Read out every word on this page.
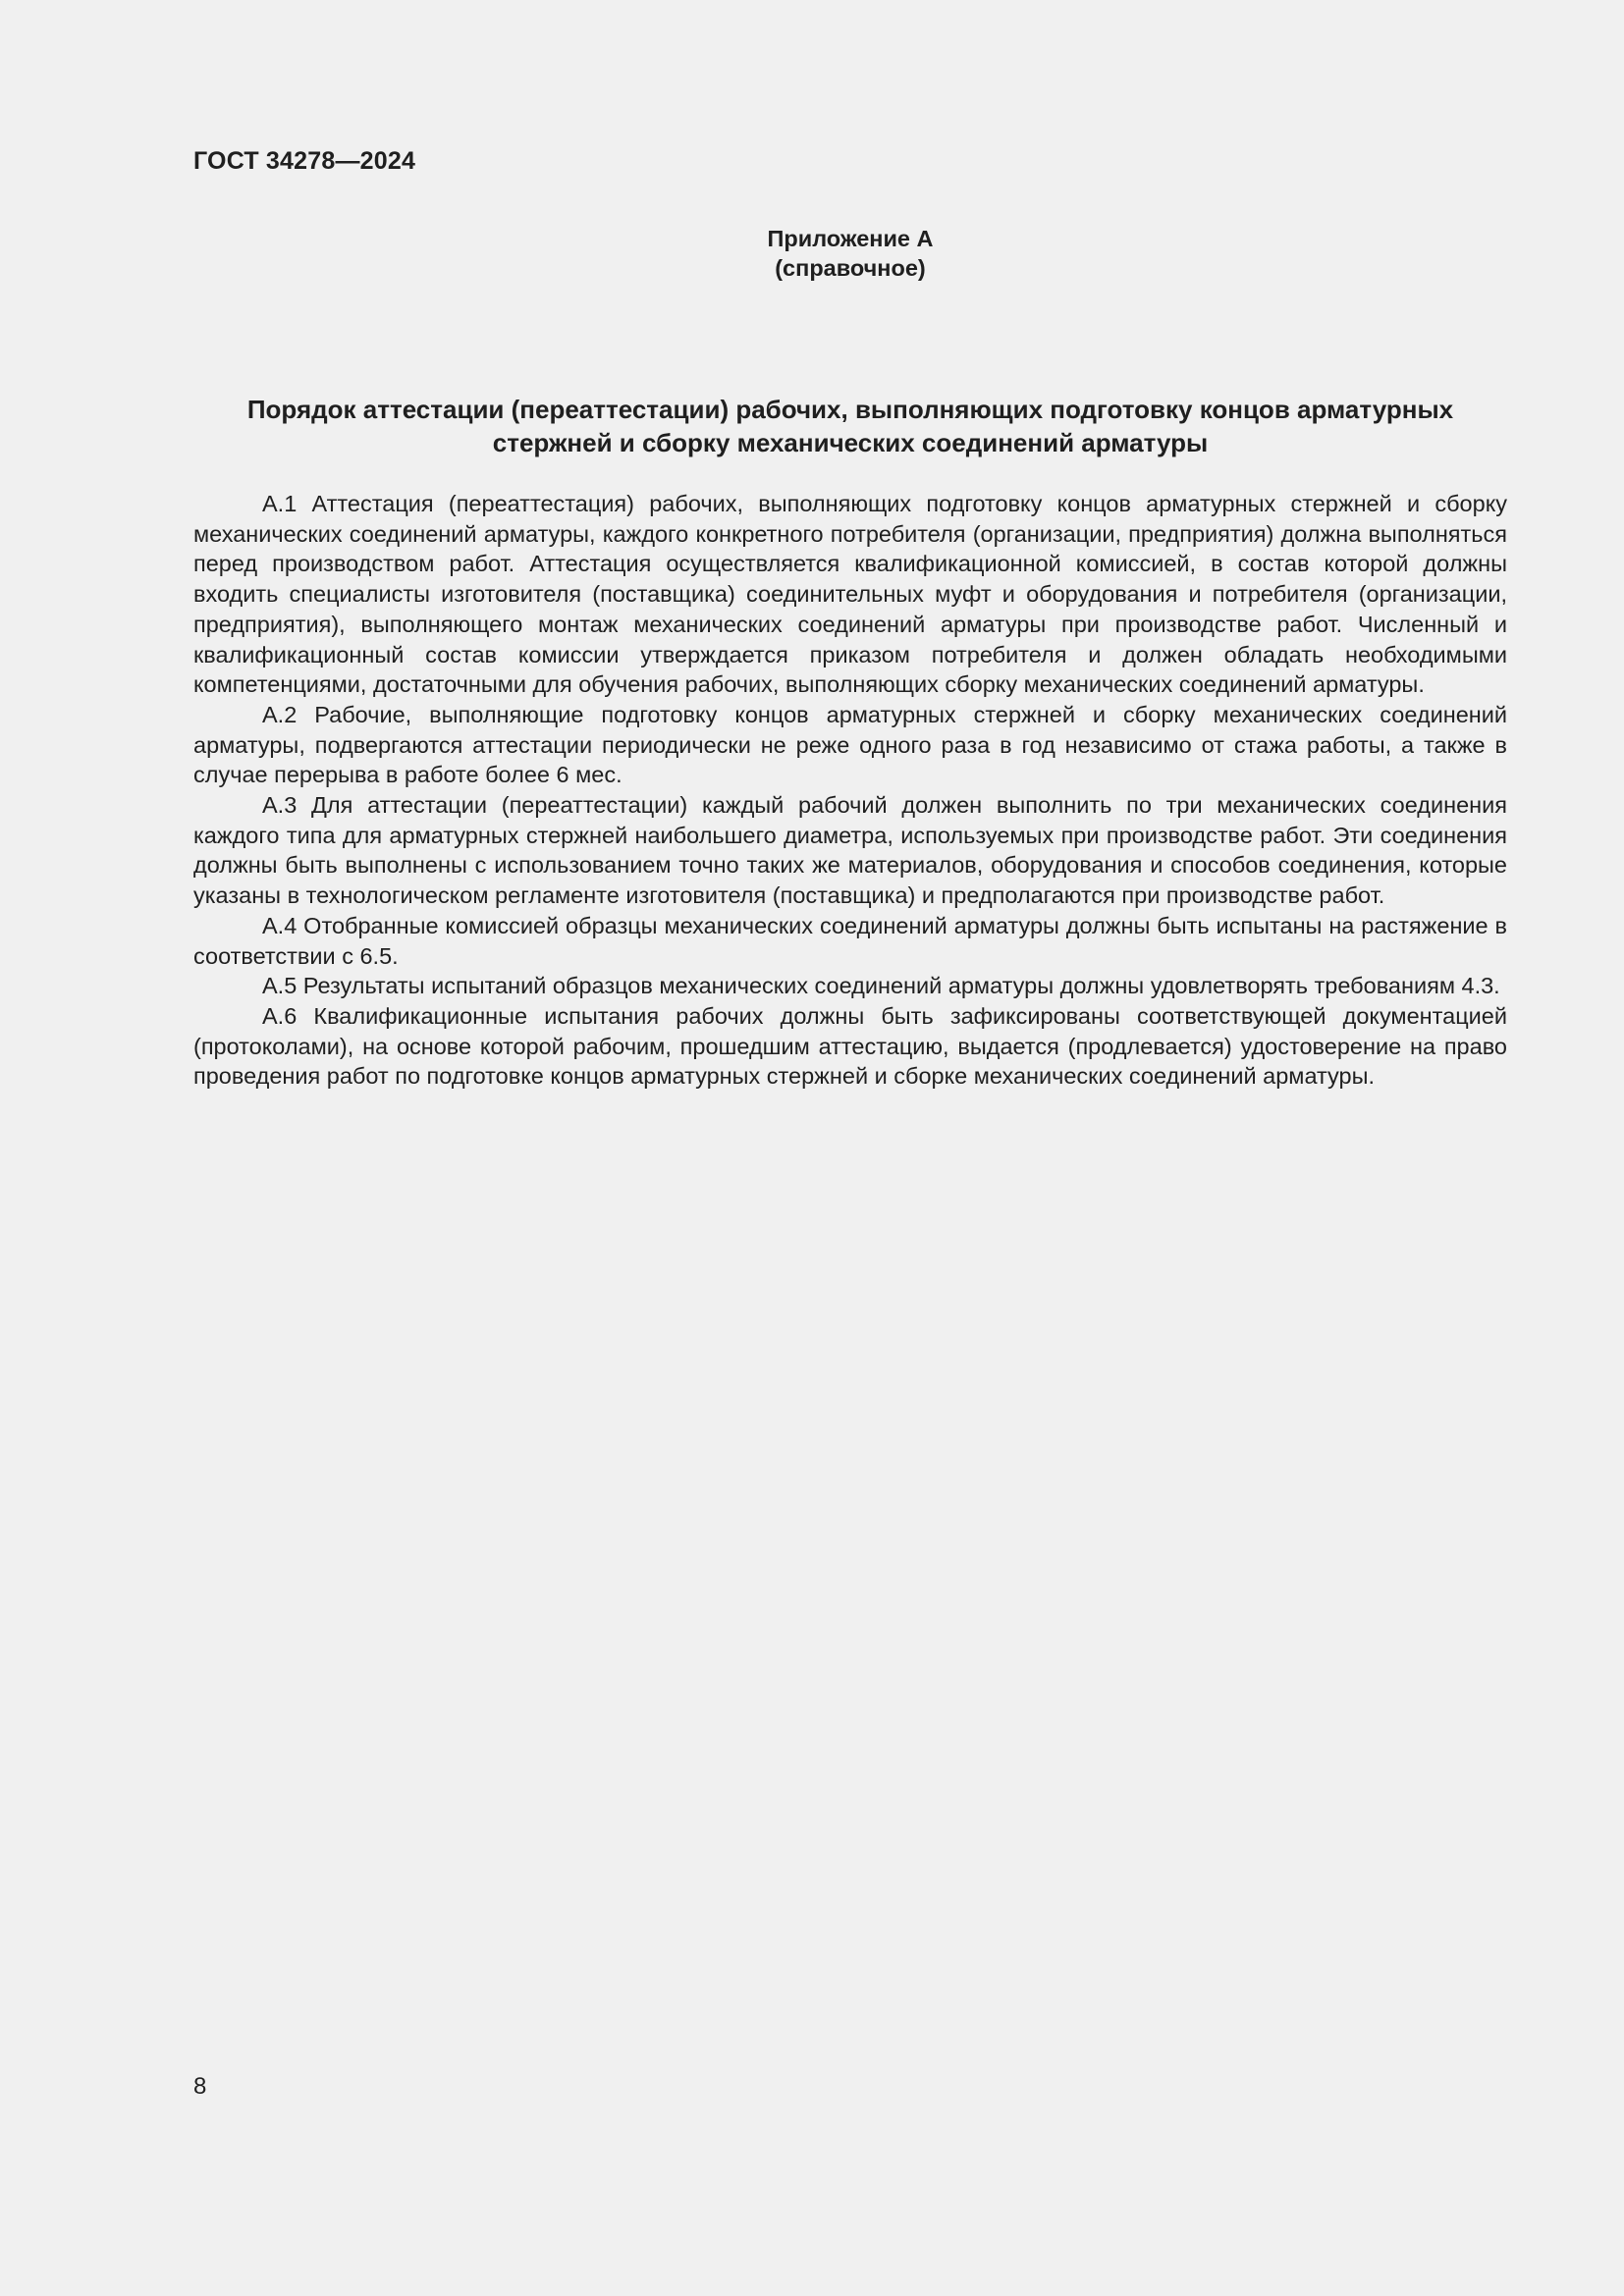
ГОСТ 34278—2024
Приложение А
(справочное)
Порядок аттестации (переаттестации) рабочих, выполняющих подготовку концов арматурных стержней и сборку механических соединений арматуры

А.1 Аттестация (переаттестация) рабочих, выполняющих подготовку концов арматурных стержней и сборку механических соединений арматуры, каждого конкретного потребителя (организации, предприятия) должна выполняться перед производством работ. Аттестация осуществляется квалификационной комиссией, в состав которой должны входить специалисты изготовителя (поставщика) соединительных муфт и оборудования и потребителя (организации, предприятия), выполняющего монтаж механических соединений арматуры при производстве работ. Численный и квалификационный состав комиссии утверждается приказом потребителя и должен обладать необходимыми компетенциями, достаточными для обучения рабочих, выполняющих сборку механических соединений арматуры.

А.2 Рабочие, выполняющие подготовку концов арматурных стержней и сборку механических соединений арматуры, подвергаются аттестации периодически не реже одного раза в год независимо от стажа работы, а также в случае перерыва в работе более 6 мес.

А.3 Для аттестации (переаттестации) каждый рабочий должен выполнить по три механических соединения каждого типа для арматурных стержней наибольшего диаметра, используемых при производстве работ. Эти соединения должны быть выполнены с использованием точно таких же материалов, оборудования и способов соединения, которые указаны в технологическом регламенте изготовителя (поставщика) и предполагаются при производстве работ.

А.4 Отобранные комиссией образцы механических соединений арматуры должны быть испытаны на растяжение в соответствии с 6.5.

А.5 Результаты испытаний образцов механических соединений арматуры должны удовлетворять требованиям 4.3.

А.6 Квалификационные испытания рабочих должны быть зафиксированы соответствующей документацией (протоколами), на основе которой рабочим, прошедшим аттестацию, выдается (продлевается) удостоверение на право проведения работ по подготовке концов арматурных стержней и сборке механических соединений арматуры.

8
